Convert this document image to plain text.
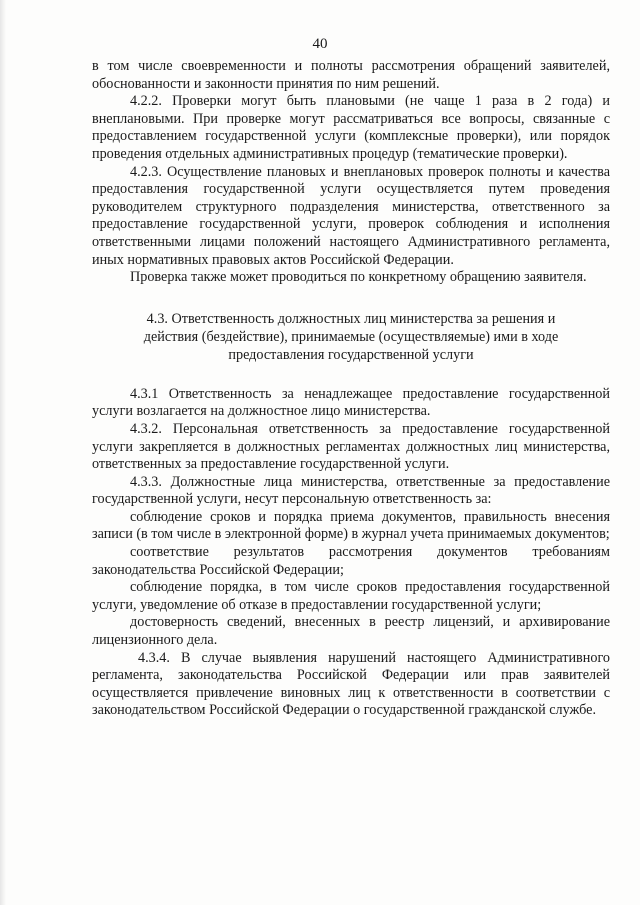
40

в том числе своевременности и полноты рассмотрения обращений заявителей, обоснованности и законности принятия по ним решений.

4.2.2. Проверки могут быть плановыми (не чаще 1 раза в 2 года) и внеплановыми. При проверке могут рассматриваться все вопросы, связанные с предоставлением государственной услуги (комплексные проверки), или порядок проведения отдельных административных процедур (тематические проверки).

4.2.3. Осуществление плановых и внеплановых проверок полноты и качества предоставления государственной услуги осуществляется путем проведения руководителем структурного подразделения министерства, ответственного за предоставление государственной услуги, проверок соблюдения и исполнения ответственными лицами положений настоящего Административного регламента, иных нормативных правовых актов Российской Федерации.

Проверка также может проводиться по конкретному обращению заявителя.

4.3. Ответственность должностных лиц министерства за решения и
действия (бездействие), принимаемые (осуществляемые) ими в ходе
предоставления государственной услуги

4.3.1 Ответственность за ненадлежащее предоставление государственной услуги возлагается на должностное лицо министерства.

4.3.2. Персональная ответственность за предоставление государственной услуги закрепляется в должностных регламентах должностных лиц министерства, ответственных за предоставление государственной услуги.

4.3.3. Должностные лица министерства, ответственные за предоставление государственной услуги, несут персональную ответственность за:

соблюдение сроков и порядка приема документов, правильность внесения записи (в том числе в электронной форме) в журнал учета принимаемых документов;

соответствие результатов рассмотрения документов требованиям законодательства Российской Федерации;

соблюдение порядка, в том числе сроков предоставления государственной услуги, уведомление об отказе в предоставлении государственной услуги;

достоверность сведений, внесенных в реестр лицензий, и архивирование лицензионного дела.

4.3.4. В случае выявления нарушений настоящего Административного регламента, законодательства Российской Федерации или прав заявителей осуществляется привлечение виновных лиц к ответственности в соответствии с законодательством Российской Федерации о государственной гражданской службе.
